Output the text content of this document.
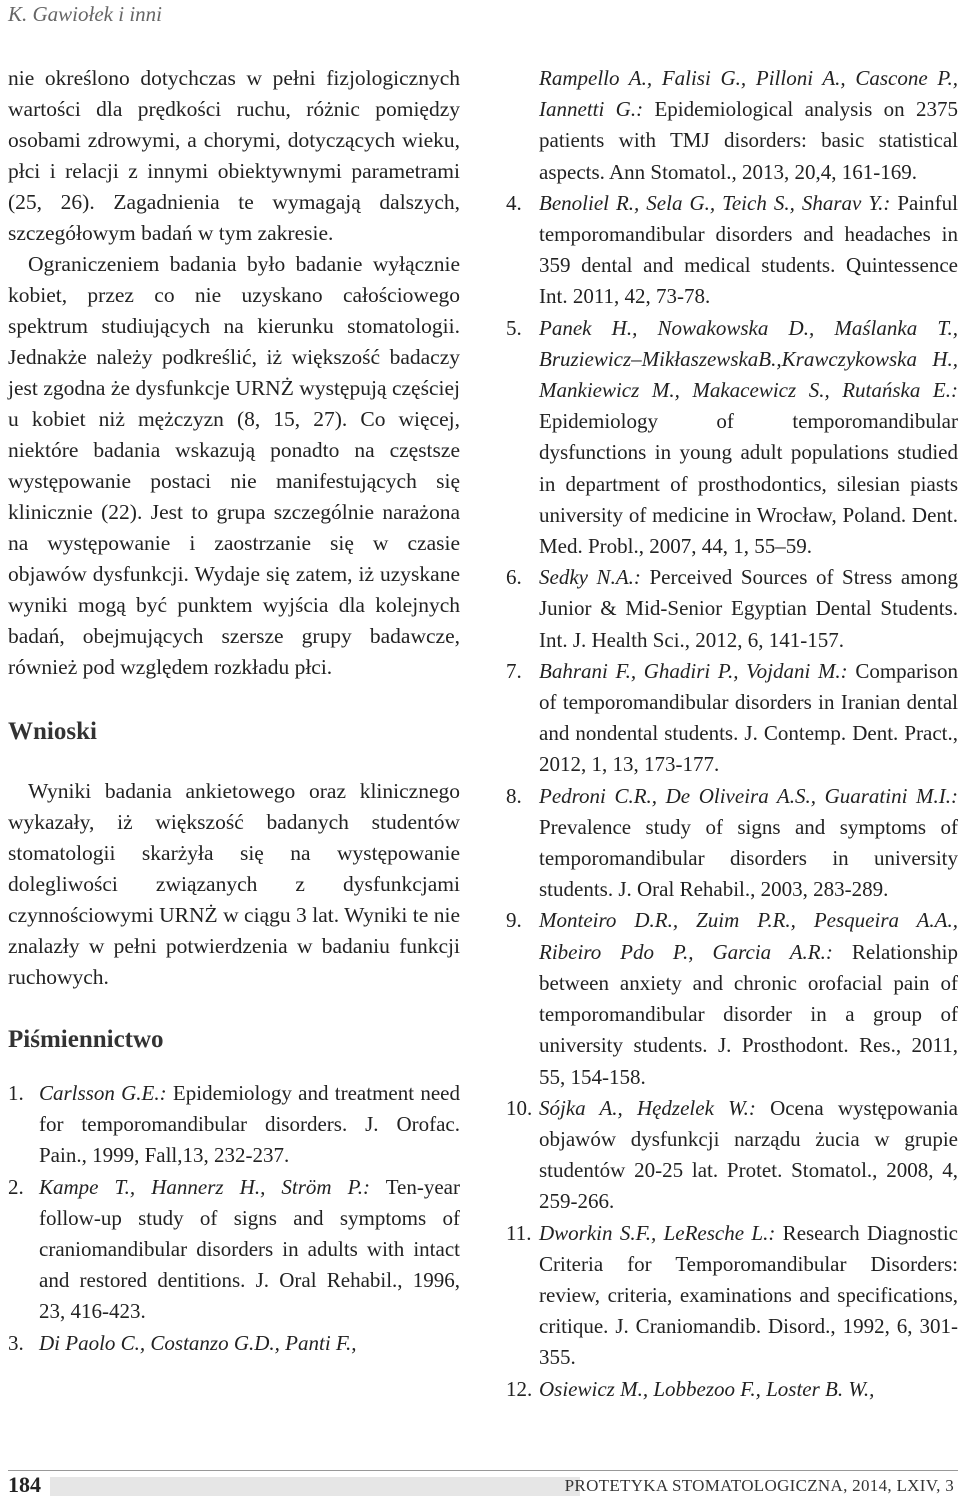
K. Gawiołek i inni

nie określono dotychczas w pełni fizjologicznych wartości dla prędkości ruchu, różnic pomiędzy osobami zdrowymi, a chorymi, dotyczących wieku, płci i relacji z innymi obiektywnymi parametrami (25, 26). Zagadnienia te wymagają dalszych, szczegółowym badań w tym zakresie.

Ograniczeniem badania było badanie wyłącznie kobiet, przez co nie uzyskano całościowego spektrum studiujących na kierunku stomatologii. Jednakże należy podkreślić, iż większość badaczy jest zgodna że dysfunkcje URNŻ występują częściej u kobiet niż mężczyzn (8, 15, 27). Co więcej, niektóre badania wskazują ponadto na częstsze występowanie postaci nie manifestujących się klinicznie (22). Jest to grupa szczególnie narażona na występowanie i zaostrzanie się w czasie objawów dysfunkcji. Wydaje się zatem, iż uzyskane wyniki mogą być punktem wyjścia dla kolejnych badań, obejmujących szersze grupy badawcze, również pod względem rozkładu płci.

Wnioski

Wyniki badania ankietowego oraz klinicznego wykazały, iż większość badanych studentów stomatologii skarżyła się na występowanie dolegliwości związanych z dysfunkcjami czynnościowymi URNŻ w ciągu 3 lat. Wyniki te nie znalazły w pełni potwierdzenia w badaniu funkcji ruchowych.

Piśmiennictwo
1. Carlsson G.E.: Epidemiology and treatment need for temporomandibular disorders. J. Orofac. Pain., 1999, Fall,13, 232-237.
2. Kampe T., Hannerz H., Ström P.: Ten-year follow-up study of signs and symptoms of craniomandibular disorders in adults with intact and restored dentitions. J. Oral Rehabil., 1996, 23, 416-423.
3. Di Paolo C., Costanzo G.D., Panti F.,
Rampello A., Falisi G., Pilloni A., Cascone P., Iannetti G.: Epidemiological analysis on 2375 patients with TMJ disorders: basic statistical aspects. Ann Stomatol., 2013, 20,4, 161-169.
4. Benoliel R., Sela G., Teich S., Sharav Y.: Painful temporomandibular disorders and headaches in 359 dental and medical students. Quintessence Int. 2011, 42, 73-78.
5. Panek H., Nowakowska D., Maślanka T., Bruziewicz–MikłaszewskaB.,Krawczykowska H., Mankiewicz M., Makacewicz S., Rutańska E.: Epidemiology of temporomandibular dysfunctions in young adult populations studied in department of prosthodontics, silesian piasts university of medicine in Wrocław, Poland. Dent. Med. Probl., 2007, 44, 1, 55–59.
6. Sedky N.A.: Perceived Sources of Stress among Junior & Mid-Senior Egyptian Dental Students. Int. J. Health Sci., 2012, 6, 141-157.
7. Bahrani F., Ghadiri P., Vojdani M.: Comparison of temporomandibular disorders in Iranian dental and nondental students. J. Contemp. Dent. Pract., 2012, 1, 13, 173-177.
8. Pedroni C.R., De Oliveira A.S., Guaratini M.I.: Prevalence study of signs and symptoms of temporomandibular disorders in university students. J. Oral Rehabil., 2003, 283-289.
9. Monteiro D.R., Zuim P.R., Pesqueira A.A., Ribeiro Pdo P., Garcia A.R.: Relationship between anxiety and chronic orofacial pain of temporomandibular disorder in a group of university students. J. Prosthodont. Res., 2011, 55, 154-158.
10. Sójka A., Hędzelek W.: Ocena występowania objawów dysfunkcji narządu żucia w grupie studentów 20-25 lat. Protet. Stomatol., 2008, 4, 259-266.
11. Dworkin S.F., LeResche L.: Research Diagnostic Criteria for Temporomandibular Disorders: review, criteria, examinations and specifications, critique. J. Craniomandib. Disord., 1992, 6, 301-355.
12. Osiewicz M., Lobbezoo F., Loster B. W.,
184	PROTETYKA STOMATOLOGICZNA, 2014, LXIV, 3
